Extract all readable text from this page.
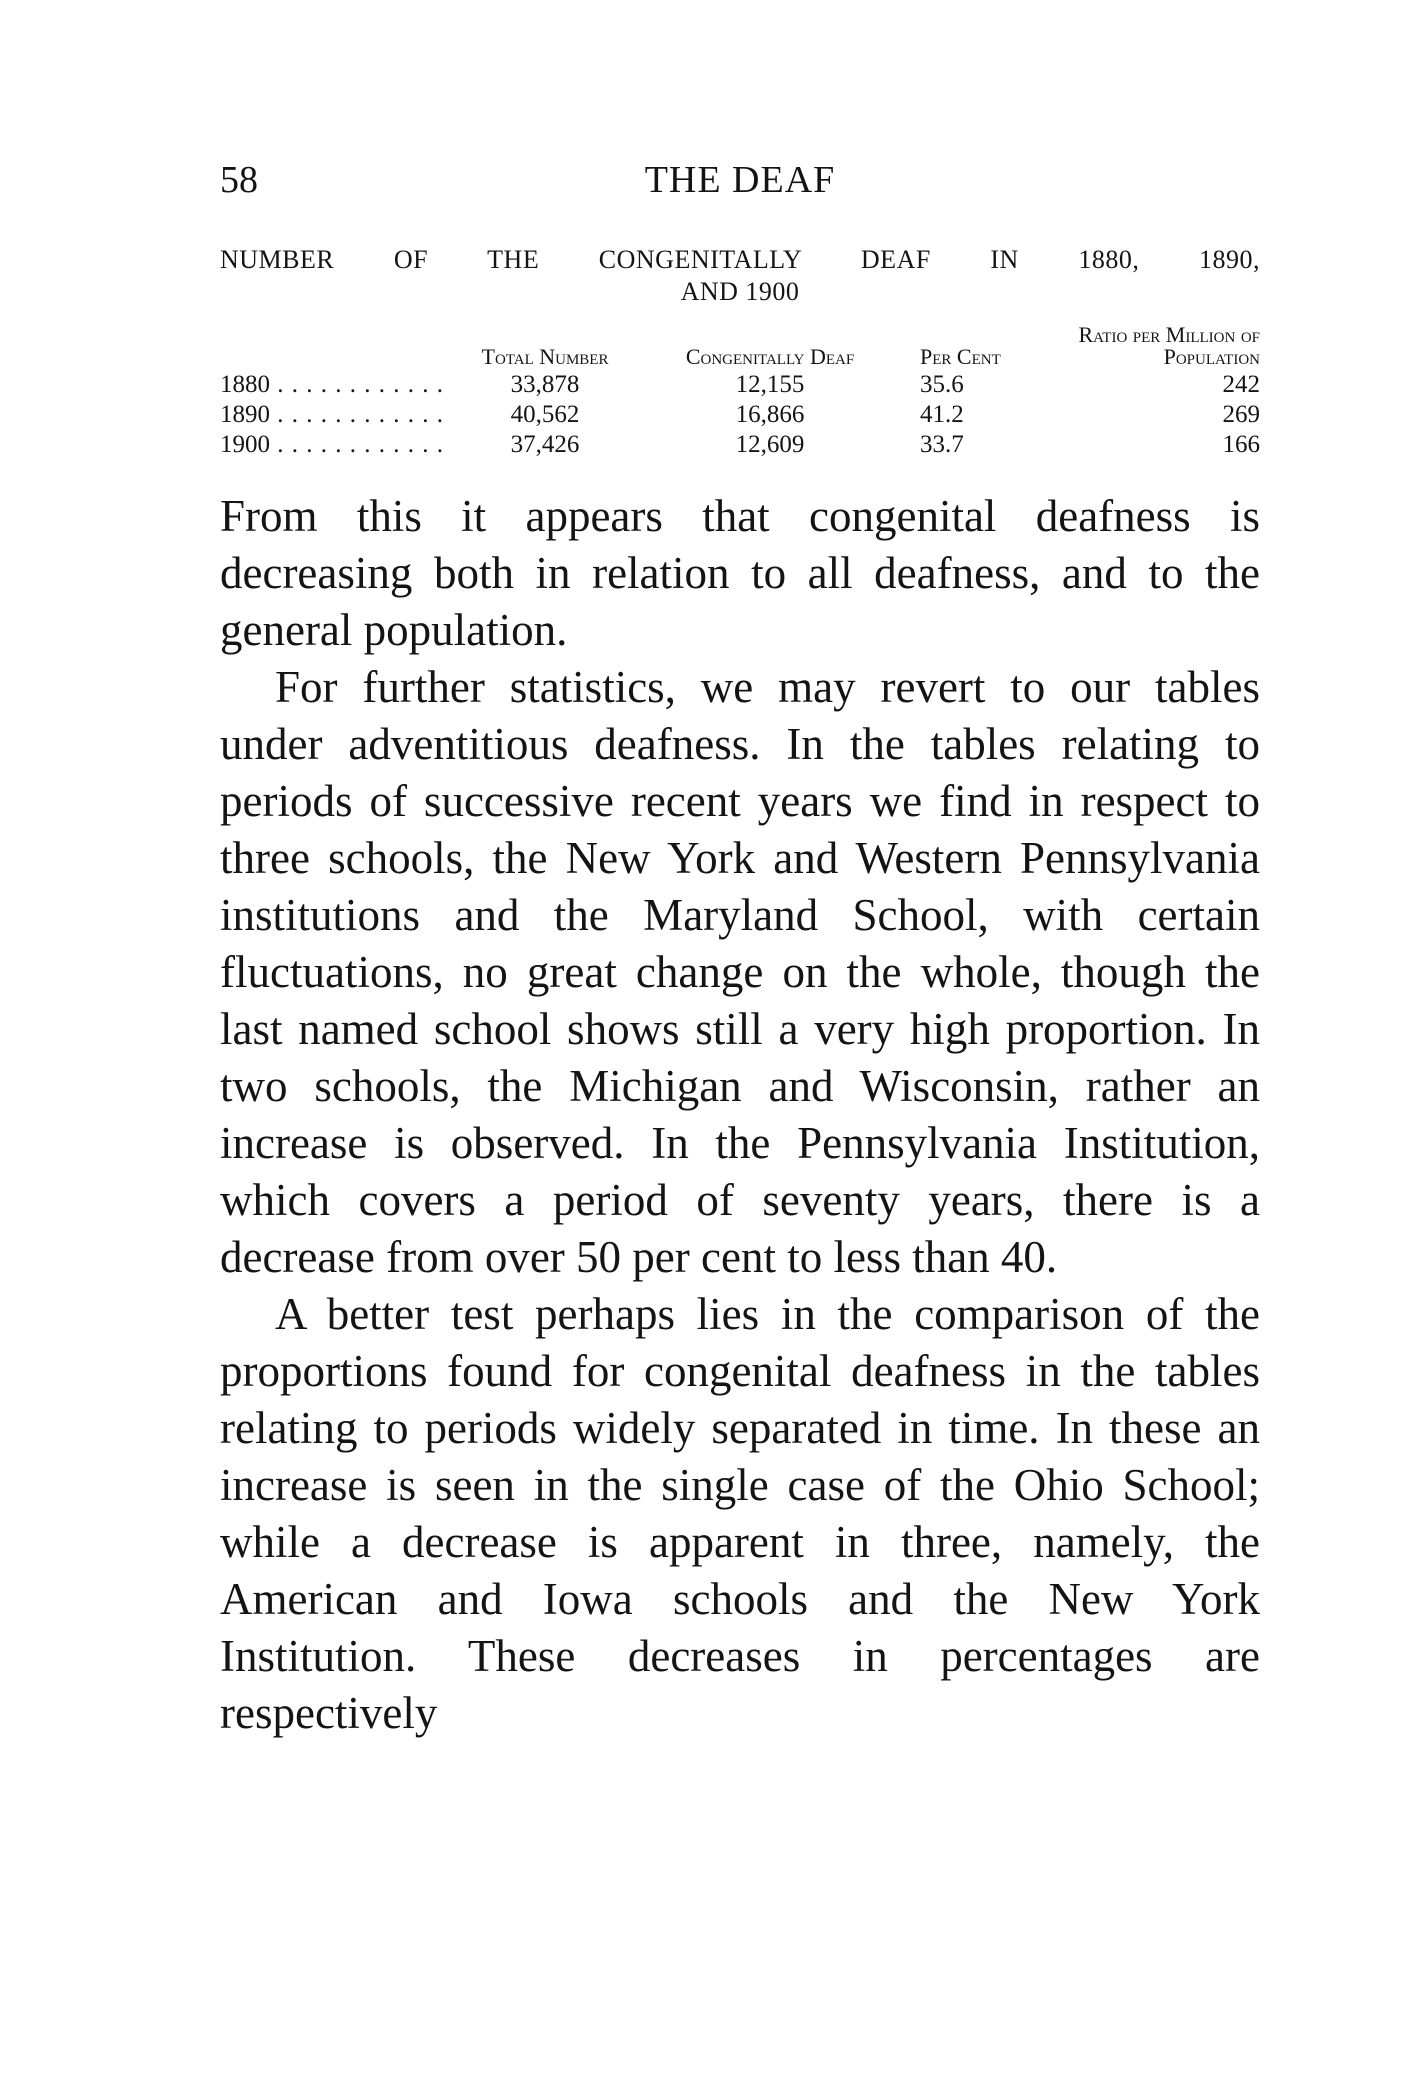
58	THE DEAF
NUMBER OF THE CONGENITALLY DEAF IN 1880, 1890,
AND 1900
	Total Number	Congenitally Deaf	Per Cent	Ratio per Million of Population
1880 . . .	33,878	12,155	35.6	242
1890 . . .	40,562	16,866	41.2	269
1900 . . .	37,426	12,609	33.7	166

From this it appears that congenital deafness is decreasing both in relation to all deafness, and to the general population.

For further statistics, we may revert to our tables under adventitious deafness. In the tables relating to periods of successive recent years we find in respect to three schools, the New York and Western Pennsylvania institutions and the Maryland School, with certain fluctuations, no great change on the whole, though the last named school shows still a very high proportion. In two schools, the Michigan and Wisconsin, rather an increase is observed. In the Pennsylvania Institution, which covers a period of seventy years, there is a decrease from over 50 per cent to less than 40.

A better test perhaps lies in the comparison of the proportions found for congenital deafness in the tables relating to periods widely separated in time. In these an increase is seen in the single case of the Ohio School; while a decrease is apparent in three, namely, the American and Iowa schools and the New York Institution. These decreases in percentages are respectively
